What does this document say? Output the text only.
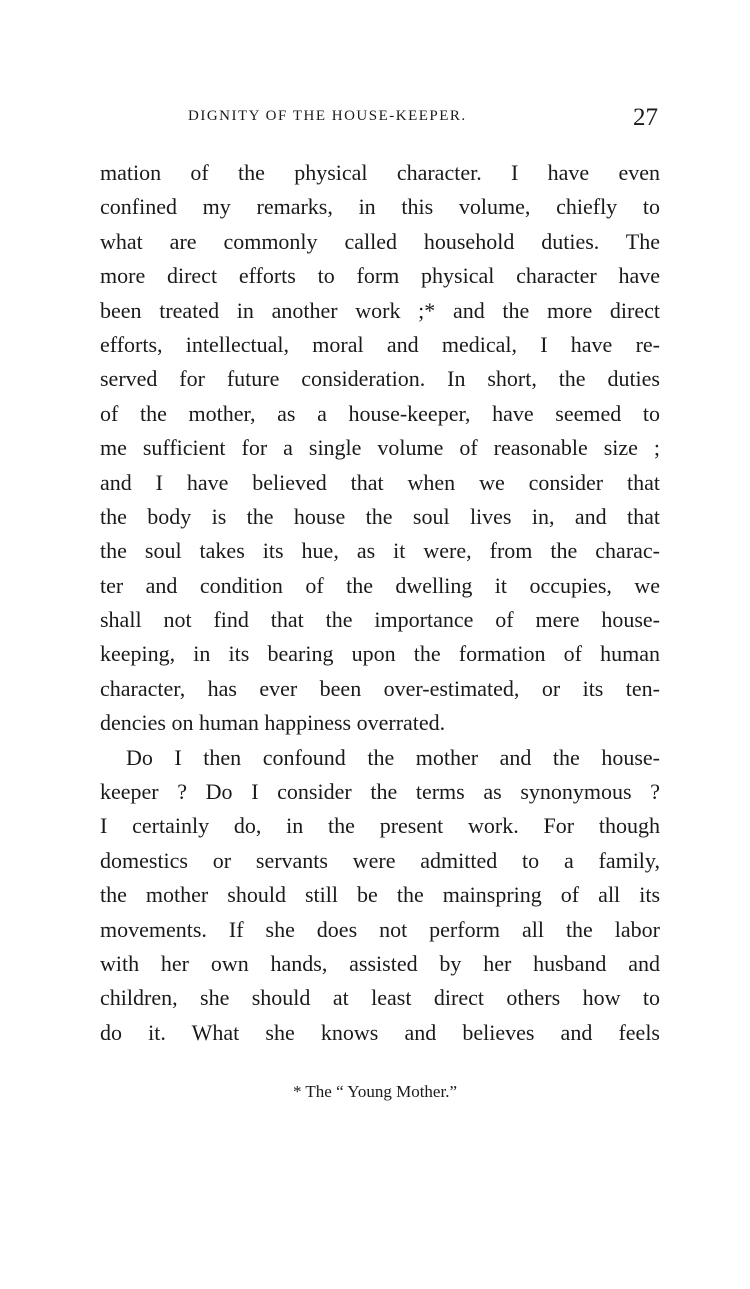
DIGNITY OF THE HOUSE-KEEPER.	27
mation of the physical character. I have even
confined my remarks, in this volume, chiefly to
what are commonly called household duties. The
more direct efforts to form physical character have
been treated in another work ;* and the more direct
efforts, intellectual, moral and medical, I have re-
served for future consideration. In short, the duties
of the mother, as a house-keeper, have seemed to
me sufficient for a single volume of reasonable size ;
and I have believed that when we consider that
the body is the house the soul lives in, and that
the soul takes its hue, as it were, from the charac-
ter and condition of the dwelling it occupies, we
shall not find that the importance of mere house-
keeping, in its bearing upon the formation of human
character, has ever been over-estimated, or its ten-
dencies on human happiness overrated.
Do I then confound the mother and the house-
keeper ? Do I consider the terms as synonymous ?
I certainly do, in the present work. For though
domestics or servants were admitted to a family,
the mother should still be the mainspring of all its
movements. If she does not perform all the labor
with her own hands, assisted by her husband and
children, she should at least direct others how to
do it. What she knows and believes and feels
* The “ Young Mother.”
